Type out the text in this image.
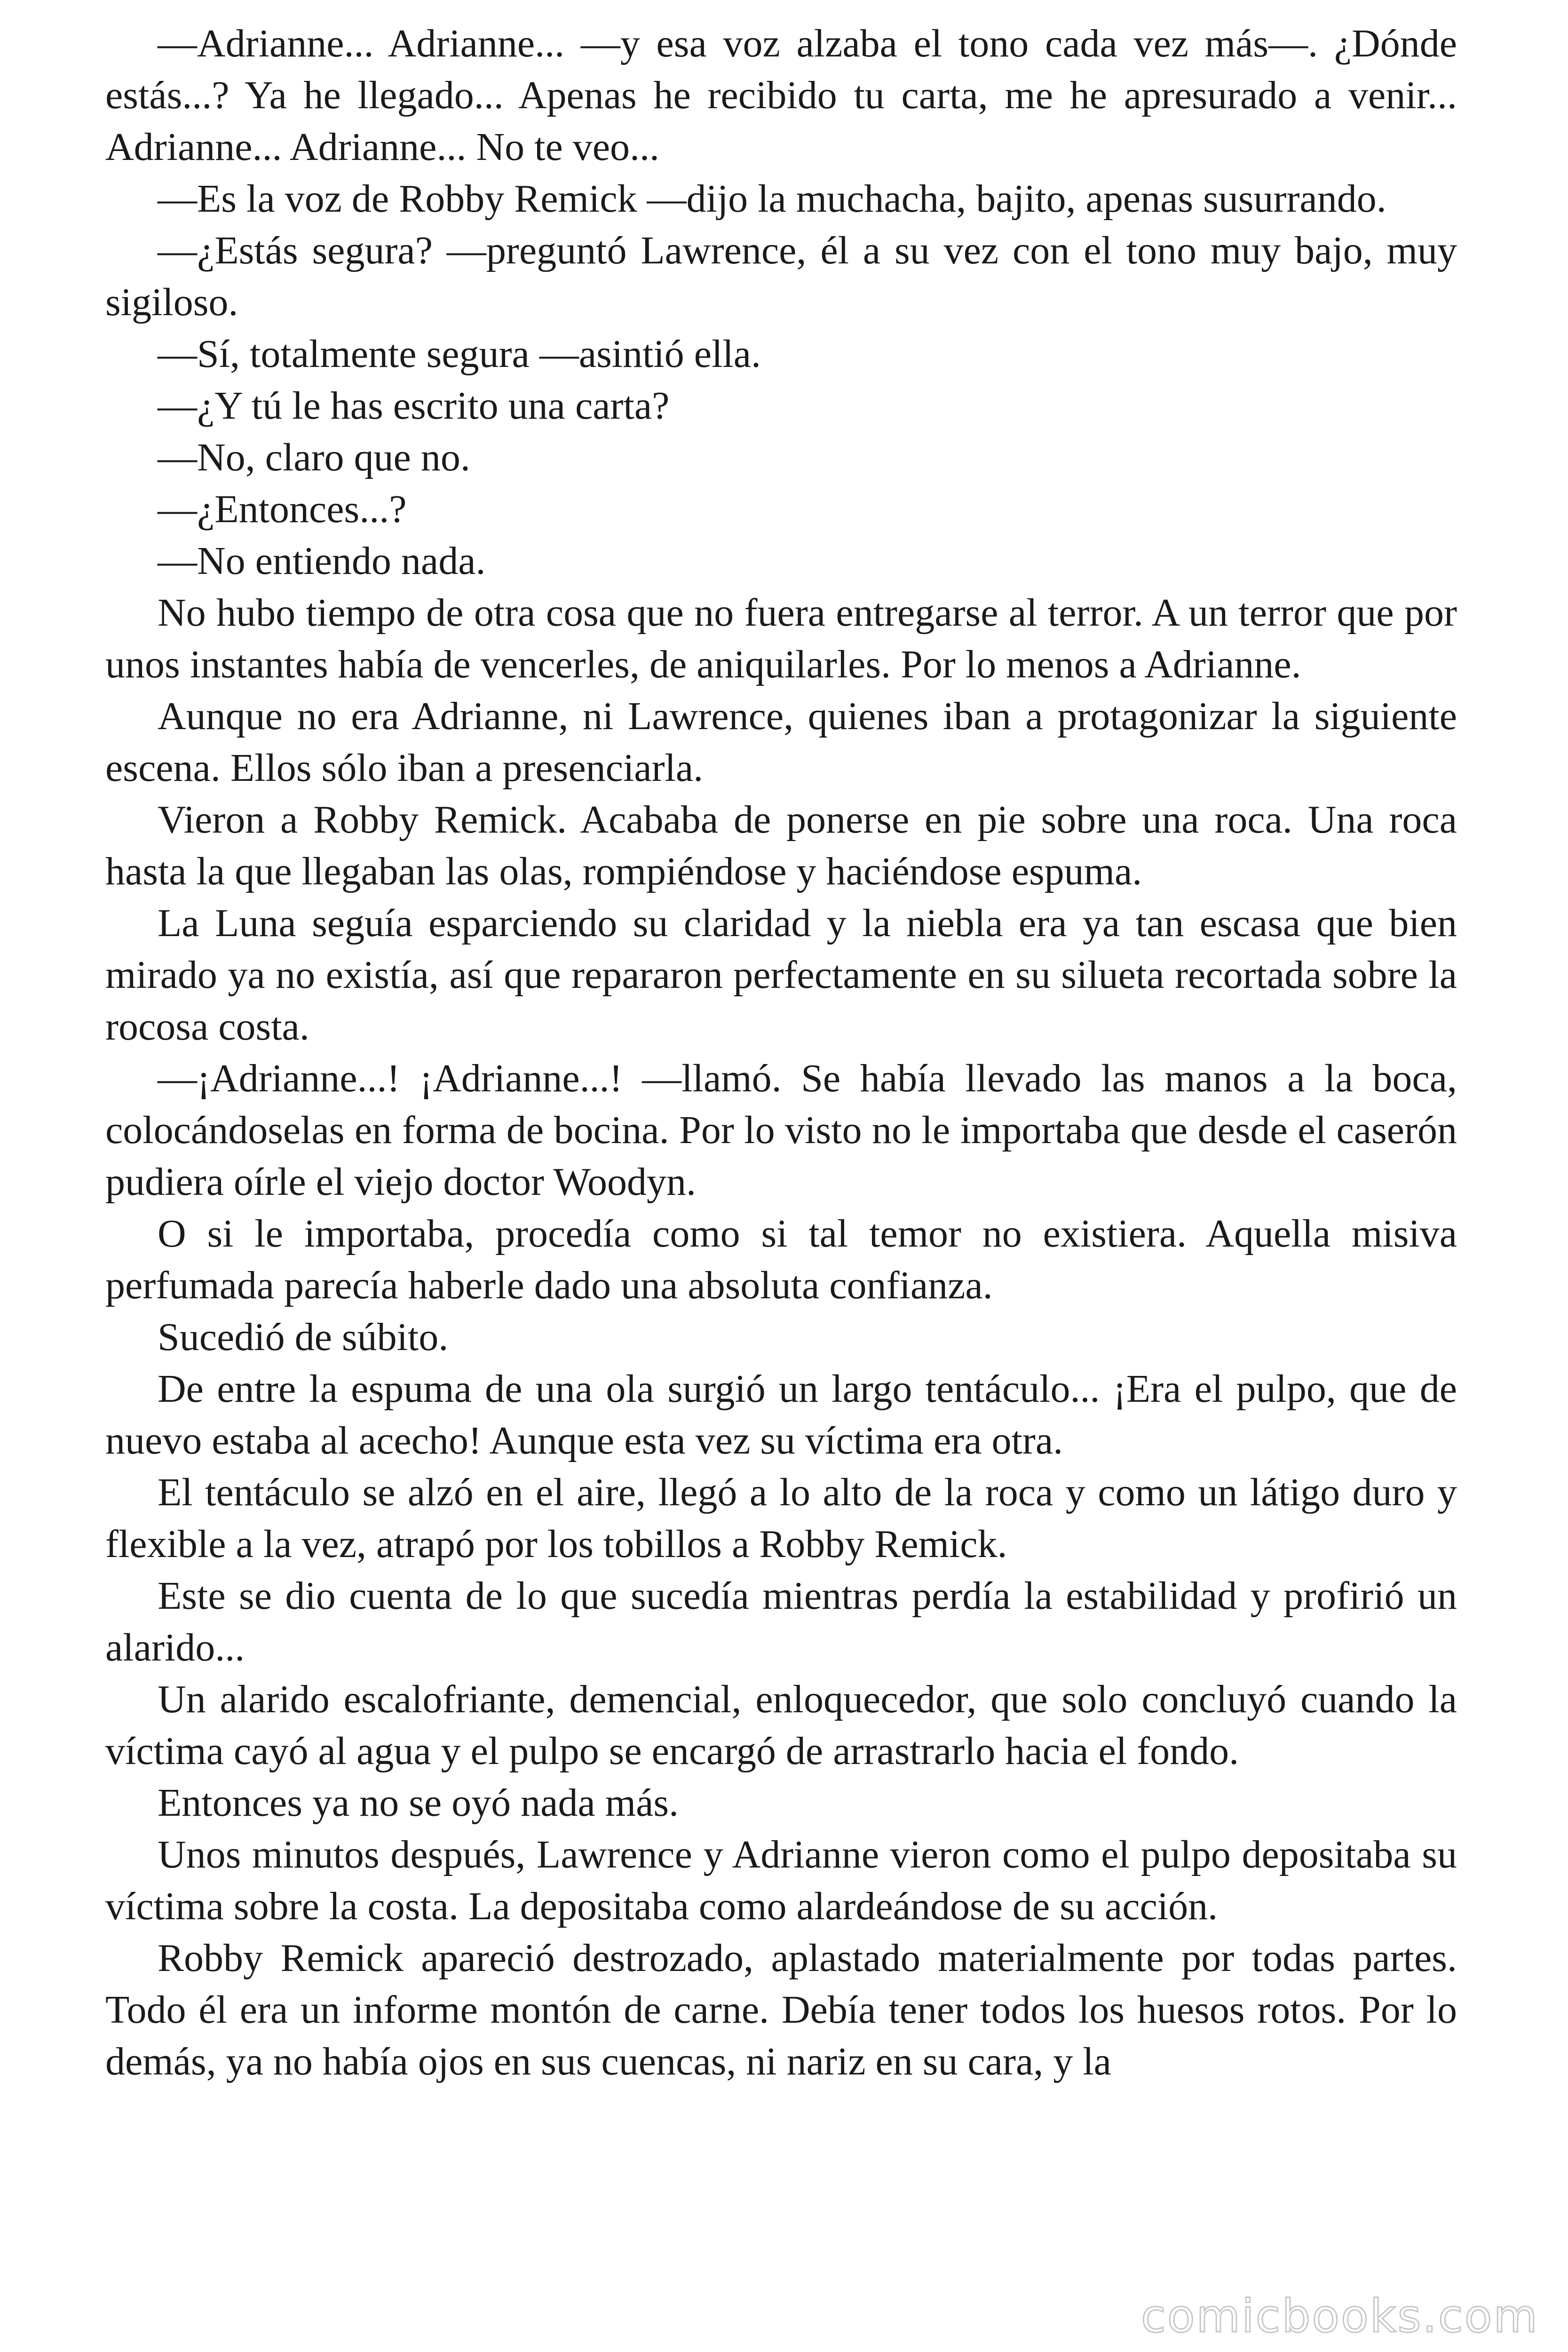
—Adrianne... Adrianne... —y esa voz alzaba el tono cada vez más—. ¿Dónde estás...? Ya he llegado... Apenas he recibido tu carta, me he apresurado a venir... Adrianne... Adrianne... No te veo...

—Es la voz de Robby Remick —dijo la muchacha, bajito, apenas susurrando.

—¿Estás segura? —preguntó Lawrence, él a su vez con el tono muy bajo, muy sigiloso.

—Sí, totalmente segura —asintió ella.

—¿Y tú le has escrito una carta?

—No, claro que no.

—¿Entonces...?

—No entiendo nada.

No hubo tiempo de otra cosa que no fuera entregarse al terror. A un terror que por unos instantes había de vencerles, de aniquilarles. Por lo menos a Adrianne.

Aunque no era Adrianne, ni Lawrence, quienes iban a protagonizar la siguiente escena. Ellos sólo iban a presenciarla.

Vieron a Robby Remick. Acababa de ponerse en pie sobre una roca. Una roca hasta la que llegaban las olas, rompiéndose y haciéndose espuma.

La Luna seguía esparciendo su claridad y la niebla era ya tan escasa que bien mirado ya no existía, así que repararon perfectamente en su silueta recortada sobre la rocosa costa.

—¡Adrianne...! ¡Adrianne...! —llamó. Se había llevado las manos a la boca, colocándoselas en forma de bocina. Por lo visto no le importaba que desde el caserón pudiera oírle el viejo doctor Woodyn.

O si le importaba, procedía como si tal temor no existiera. Aquella misiva perfumada parecía haberle dado una absoluta confianza.

Sucedió de súbito.

De entre la espuma de una ola surgió un largo tentáculo... ¡Era el pulpo, que de nuevo estaba al acecho! Aunque esta vez su víctima era otra.

El tentáculo se alzó en el aire, llegó a lo alto de la roca y como un látigo duro y flexible a la vez, atrapó por los tobillos a Robby Remick.

Este se dio cuenta de lo que sucedía mientras perdía la estabilidad y profirió un alarido...

Un alarido escalofriante, demencial, enloquecedor, que solo concluyó cuando la víctima cayó al agua y el pulpo se encargó de arrastrarlo hacia el fondo.

Entonces ya no se oyó nada más.

Unos minutos después, Lawrence y Adrianne vieron como el pulpo depositaba su víctima sobre la costa. La depositaba como alardeándose de su acción.

Robby Remick apareció destrozado, aplastado materialmente por todas partes. Todo él era un informe montón de carne. Debía tener todos los huesos rotos. Por lo demás, ya no había ojos en sus cuencas, ni nariz en su cara, y la

comicbooks.com
